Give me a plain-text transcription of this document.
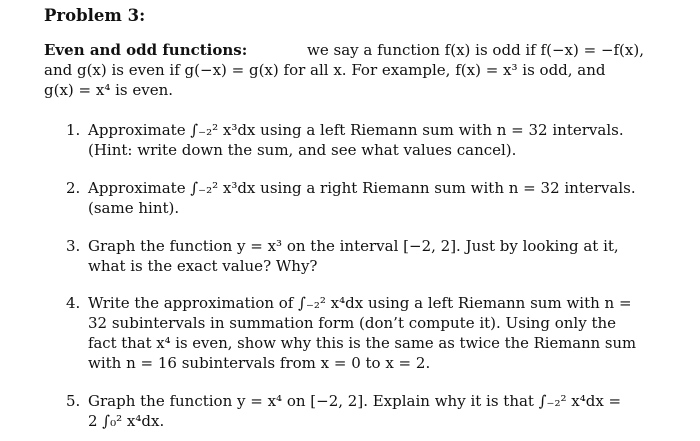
Problem 3:
Even and odd functions:	we say a function f(x) is odd if f(−x) = −f(x),
and g(x) is even if g(−x) = g(x) for all x. For example, f(x) = x³ is odd, and
g(x) = x⁴ is even.
1. Approximate ∫₋₂² x³dx using a left Riemann sum with n = 32 intervals.
(Hint: write down the sum, and see what values cancel).
2. Approximate ∫₋₂² x³dx using a right Riemann sum with n = 32 intervals.
(same hint).
3. Graph the function y = x³ on the interval [−2, 2]. Just by looking at it,
what is the exact value? Why?
4. Write the approximation of ∫₋₂² x⁴dx using a left Riemann sum with n =
32 subintervals in summation form (don’t compute it). Using only the
fact that x⁴ is even, show why this is the same as twice the Riemann sum
with n = 16 subintervals from x = 0 to x = 2.
5. Graph the function y = x⁴ on [−2, 2]. Explain why it is that ∫₋₂² x⁴dx =
2 ∫₀² x⁴dx.
